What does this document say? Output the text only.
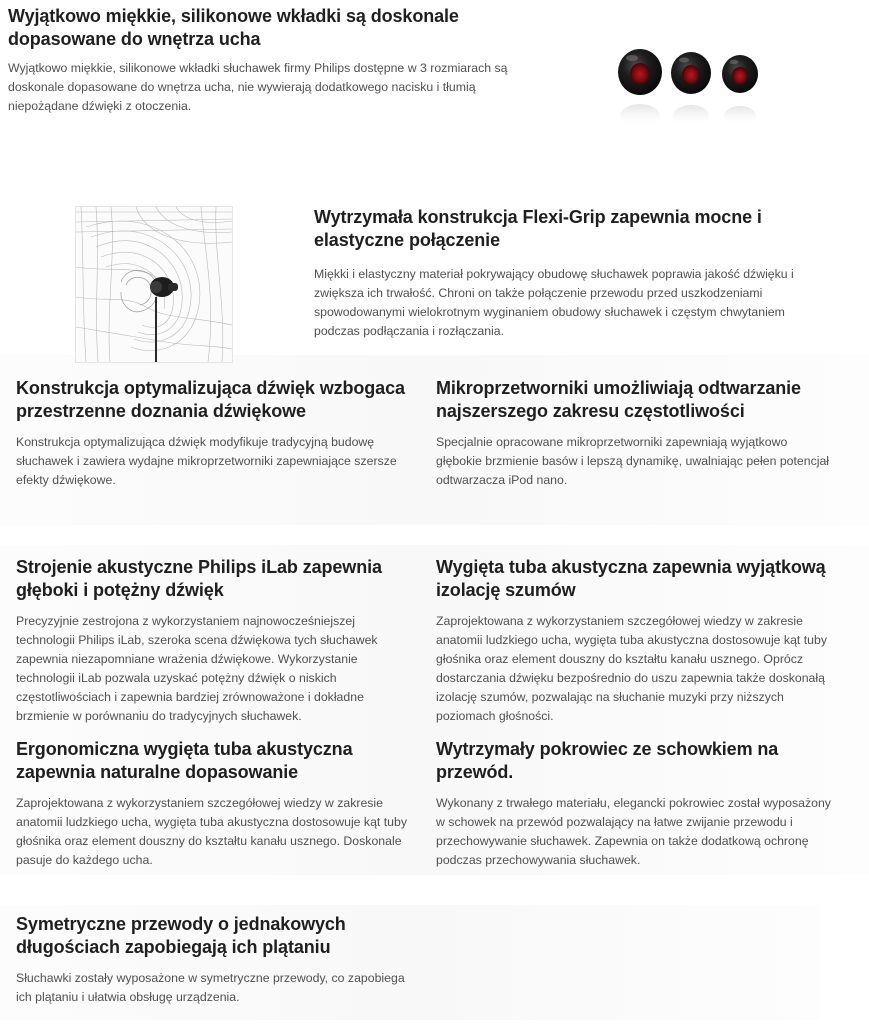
Wyjątkowo miękkie, silikonowe wkładki są doskonale dopasowane do wnętrza ucha

Wyjątkowo miękkie, silikonowe wkładki słuchawek firmy Philips dostępne w 3 rozmiarach są doskonale dopasowane do wnętrza ucha, nie wywierają dodatkowego nacisku i tłumią niepożądane dźwięki z otoczenia.

Wytrzymała konstrukcja Flexi-Grip zapewnia mocne i elastyczne połączenie

Miękki i elastyczny materiał pokrywający obudowę słuchawek poprawia jakość dźwięku i zwiększa ich trwałość. Chroni on także połączenie przewodu przed uszkodzeniami spowodowanymi wielokrotnym wyginaniem obudowy słuchawek i częstym chwytaniem podczas podłączania i rozłączania.

Konstrukcja optymalizująca dźwięk wzbogaca przestrzenne doznania dźwiękowe

Konstrukcja optymalizująca dźwięk modyfikuje tradycyjną budowę słuchawek i zawiera wydajne mikroprzetworniki zapewniające szersze efekty dźwiękowe.

Mikroprzetworniki umożliwiają odtwarzanie najszerszego zakresu częstotliwości

Specjalnie opracowane mikroprzetworniki zapewniają wyjątkowo głębokie brzmienie basów i lepszą dynamikę, uwalniając pełen potencjał odtwarzacza iPod nano.

Strojenie akustyczne Philips iLab zapewnia głęboki i potężny dźwięk

Precyzyjnie zestrojona z wykorzystaniem najnowocześniejszej technologii Philips iLab, szeroka scena dźwiękowa tych słuchawek zapewnia niezapomniane wrażenia dźwiękowe. Wykorzystanie technologii iLab pozwala uzyskać potężny dźwięk o niskich częstotliwościach i zapewnia bardziej zrównoważone i dokładne brzmienie w porównaniu do tradycyjnych słuchawek.

Wygięta tuba akustyczna zapewnia wyjątkową izolację szumów

Zaprojektowana z wykorzystaniem szczegółowej wiedzy w zakresie anatomii ludzkiego ucha, wygięta tuba akustyczna dostosowuje kąt tuby głośnika oraz element douszny do kształtu kanału usznego. Oprócz dostarczania dźwięku bezpośrednio do uszu zapewnia także doskonałą izolację szumów, pozwalając na słuchanie muzyki przy niższych poziomach głośności.

Ergonomiczna wygięta tuba akustyczna zapewnia naturalne dopasowanie

Zaprojektowana z wykorzystaniem szczegółowej wiedzy w zakresie anatomii ludzkiego ucha, wygięta tuba akustyczna dostosowuje kąt tuby głośnika oraz element douszny do kształtu kanału usznego. Doskonale pasuje do każdego ucha.

Wytrzymały pokrowiec ze schowkiem na przewód.

Wykonany z trwałego materiału, elegancki pokrowiec został wyposażony w schowek na przewód pozwalający na łatwe zwijanie przewodu i przechowywanie słuchawek. Zapewnia on także dodatkową ochronę podczas przechowywania słuchawek.

Symetryczne przewody o jednakowych długościach zapobiegają ich plątaniu

Słuchawki zostały wyposażone w symetryczne przewody, co zapobiega ich plątaniu i ułatwia obsługę urządzenia.
